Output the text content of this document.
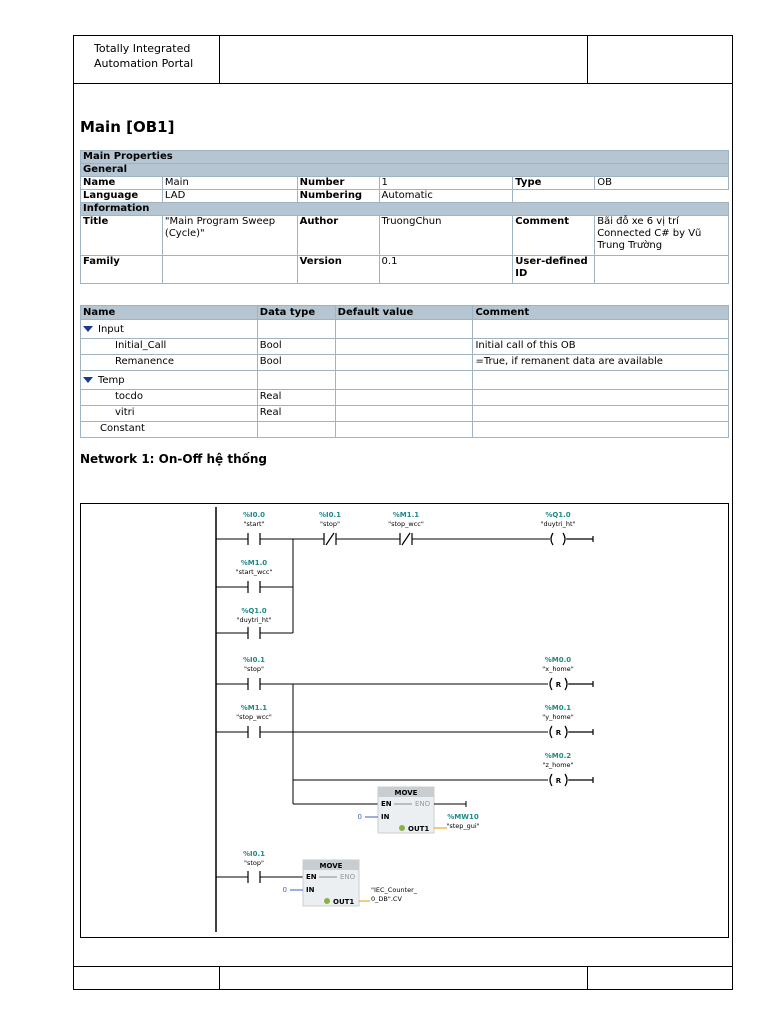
Totally Integrated
Automation Portal
Main [OB1]
Main Properties					
General					
Name	Main	Number	1	Type	OB
Language	LAD	Numbering	Automatic		
Information					
Title	"Main Program Sweep (Cycle)"	Author	TruongChun	Comment	Bãi đỗ xe 6 vị trí Connected C# by Vũ Trung Trường
Family		Version	0.1	User-defined ID	
Name	Data type	Default value	Comment
Input			
Initial_Call	Bool		Initial call of this OB
Remanence	Bool		=True, if remanent data are available
Temp			
tocdo	Real		
vitri	Real		
Constant			
Network 1: On-Off hệ thống
R
R
R
%I0.0	%I0.1	%M1.1	%Q1.0
%M1.0
%Q1.0
%I0.1	%M0.0
%M1.1	%M0.1
%M0.2
%I0.1
%MW10
"start"	"stop"	"stop_wcc"	"duytri_ht"
"start_wcc"
"duytri_ht"
"stop"	"x_home"
"stop_wcc"	"y_home"
"z_home"
"stop"
"step_gui"
MOVE
EN	ENO
IN
0
OUT1
MOVE
EN	ENO
IN
0
OUT1
"IEC_Counter_
0_DB".CV
